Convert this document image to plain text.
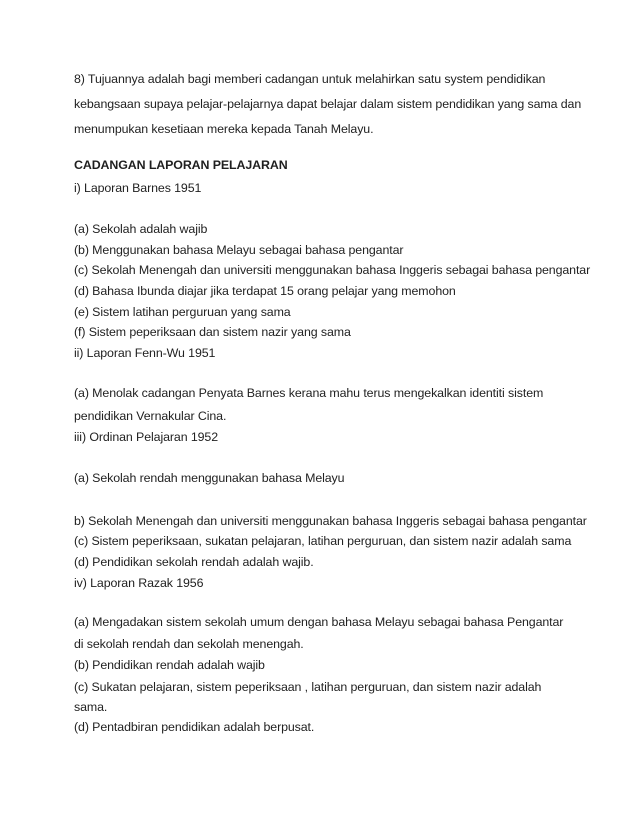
8) Tujuannya adalah bagi memberi cadangan untuk melahirkan satu system pendidikan
kebangsaan supaya pelajar-pelajarnya dapat belajar dalam sistem pendidikan yang sama dan
menumpukan kesetiaan mereka kepada Tanah Melayu.
CADANGAN LAPORAN PELAJARAN
i) Laporan Barnes 1951
(a) Sekolah adalah wajib
(b) Menggunakan bahasa Melayu sebagai bahasa pengantar
(c) Sekolah Menengah dan universiti menggunakan bahasa Inggeris sebagai bahasa pengantar
(d) Bahasa Ibunda diajar jika terdapat 15 orang pelajar yang memohon
(e) Sistem latihan perguruan yang sama
(f) Sistem peperiksaan dan sistem nazir yang sama
ii) Laporan Fenn-Wu 1951
(a) Menolak cadangan Penyata Barnes kerana mahu terus mengekalkan identiti sistem
pendidikan Vernakular Cina.
iii) Ordinan Pelajaran 1952
(a) Sekolah rendah menggunakan bahasa Melayu
b) Sekolah Menengah dan universiti menggunakan bahasa Inggeris sebagai bahasa pengantar
(c) Sistem peperiksaan, sukatan pelajaran, latihan perguruan, dan sistem nazir adalah sama
(d) Pendidikan sekolah rendah adalah wajib.
iv) Laporan Razak 1956
(a) Mengadakan sistem sekolah umum dengan bahasa Melayu sebagai bahasa Pengantar
di sekolah rendah dan sekolah menengah.
(b) Pendidikan rendah adalah wajib
(c) Sukatan pelajaran, sistem peperiksaan , latihan perguruan, dan sistem nazir adalah
sama.
(d) Pentadbiran pendidikan adalah berpusat.
